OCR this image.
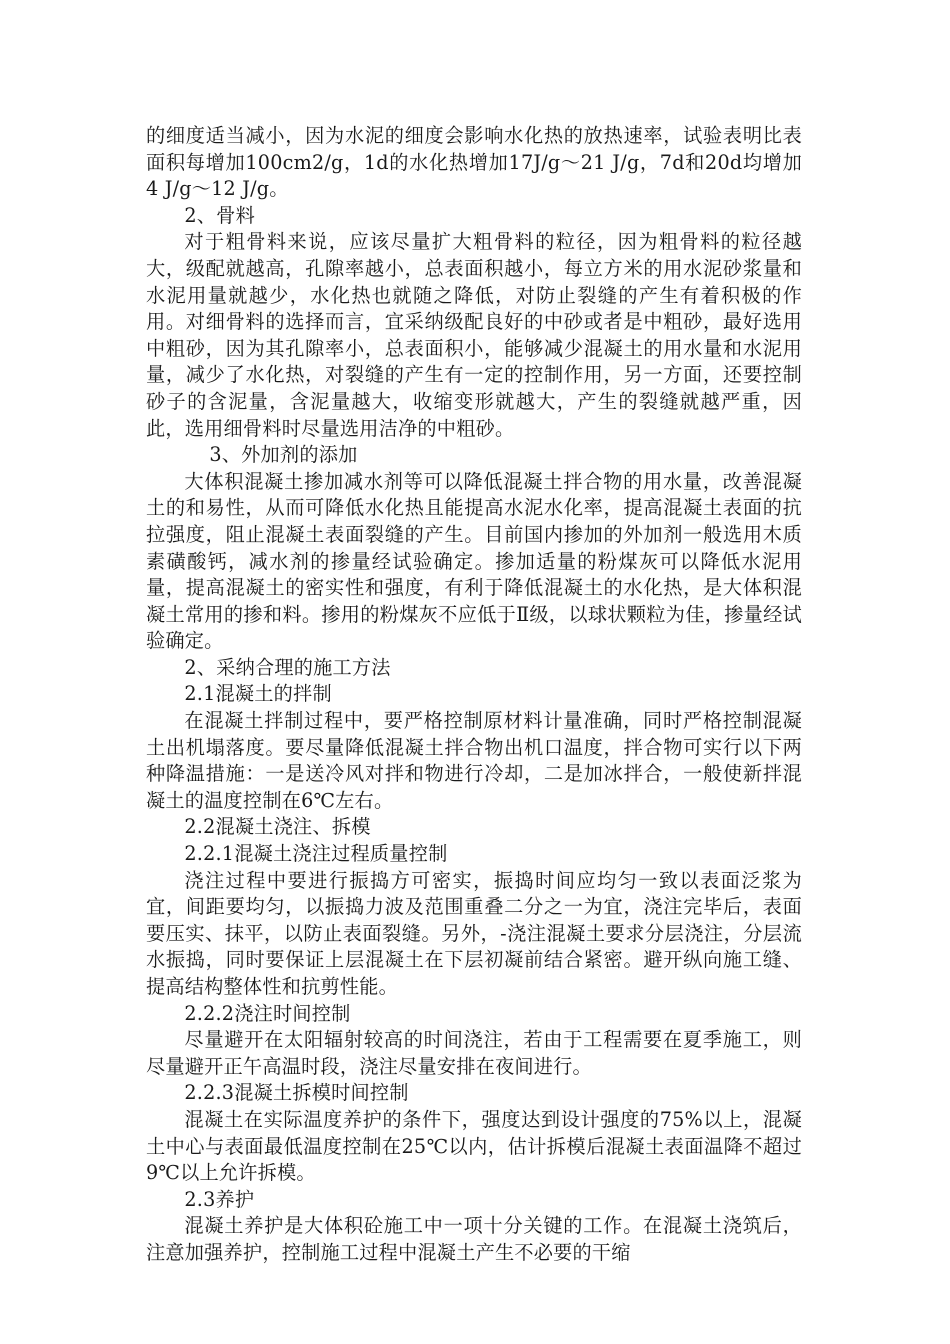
的细度适当减小，因为水泥的细度会影响水化热的放热速率，试验表明比表面积每增加100cm2/g，1d的水化热增加17J/g～21 J/g，7d和20d均增加4 J/g～12 J/g。

2、骨料

对于粗骨料来说，应该尽量扩大粗骨料的粒径，因为粗骨料的粒径越大，级配就越高，孔隙率越小，总表面积越小，每立方米的用水泥砂浆量和水泥用量就越少，水化热也就随之降低，对防止裂缝的产生有着积极的作用。对细骨料的选择而言，宜采纳级配良好的中砂或者是中粗砂，最好选用中粗砂，因为其孔隙率小，总表面积小，能够减少混凝土的用水量和水泥用量，减少了水化热，对裂缝的产生有一定的控制作用，另一方面，还要控制砂子的含泥量，含泥量越大，收缩变形就越大，产生的裂缝就越严重，因此，选用细骨料时尽量选用洁净的中粗砂。

3、外加剂的添加

大体积混凝土掺加减水剂等可以降低混凝土拌合物的用水量，改善混凝土的和易性，从而可降低水化热且能提高水泥水化率，提高混凝土表面的抗拉强度，阻止混凝土表面裂缝的产生。目前国内掺加的外加剂一般选用木质素磺酸钙，减水剂的掺量经试验确定。掺加适量的粉煤灰可以降低水泥用量，提高混凝土的密实性和强度，有利于降低混凝土的水化热，是大体积混凝土常用的掺和料。掺用的粉煤灰不应低于Ⅱ级，以球状颗粒为佳，掺量经试验确定。

2、采纳合理的施工方法

2.1混凝土的拌制

在混凝土拌制过程中，要严格控制原材料计量准确，同时严格控制混凝土出机塌落度。要尽量降低混凝土拌合物出机口温度，拌合物可实行以下两种降温措施：一是送冷风对拌和物进行冷却，二是加冰拌合，一般使新拌混凝土的温度控制在6℃左右。

2.2混凝土浇注、拆模

2.2.1混凝土浇注过程质量控制

浇注过程中要进行振捣方可密实，振捣时间应均匀一致以表面泛浆为宜，间距要均匀，以振捣力波及范围重叠二分之一为宜，浇注完毕后，表面要压实、抹平，以防止表面裂缝。另外，-浇注混凝土要求分层浇注，分层流水振捣，同时要保证上层混凝土在下层初凝前结合紧密。避开纵向施工缝、提高结构整体性和抗剪性能。

2.2.2浇注时间控制

尽量避开在太阳辐射较高的时间浇注，若由于工程需要在夏季施工，则尽量避开正午高温时段，浇注尽量安排在夜间进行。

2.2.3混凝土拆模时间控制

混凝土在实际温度养护的条件下，强度达到设计强度的75%以上，混凝土中心与表面最低温度控制在25℃以内，估计拆模后混凝土表面温降不超过9℃以上允许拆模。

2.3养护

混凝土养护是大体积砼施工中一项十分关键的工作。在混凝土浇筑后，注意加强养护，控制施工过程中混凝土产生不必要的干缩
